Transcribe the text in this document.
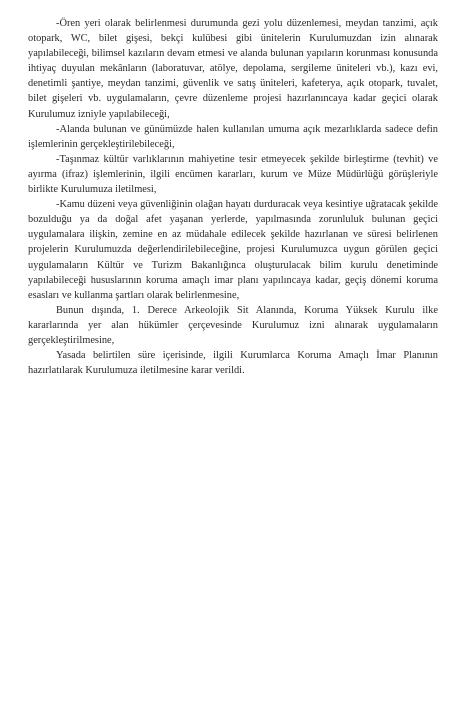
-Ören yeri olarak belirlenmesi durumunda gezi yolu düzenlemesi, meydan tanzimi, açık otopark, WC, bilet gişesi, bekçi kulübesi gibi ünitelerin Kurulumuzdan izin alınarak yapılabileceği, bilimsel kazıların devam etmesi ve alanda bulunan yapıların korunması konusunda ihtiyaç duyulan mekânların (laboratuvar, atölye, depolama, sergileme üniteleri vb.), kazı evi, denetimli şantiye, meydan tanzimi, güvenlik ve satış üniteleri, kafeterya, açık otopark, tuvalet, bilet gişeleri vb. uygulamaların, çevre düzenleme projesi hazırlanıncaya kadar geçici olarak Kurulumuz izniyle yapılabileceği,

-Alanda bulunan ve günümüzde halen kullanılan umuma açık mezarlıklarda sadece defin işlemlerinin gerçekleştirilebileceği,

-Taşınmaz kültür varlıklarının mahiyetine tesir etmeyecek şekilde birleştirme (tevhit) ve ayırma (ifraz) işlemlerinin, ilgili encümen kararları, kurum ve Müze Müdürlüğü görüşleriyle birlikte Kurulumuza iletilmesi,

-Kamu düzeni veya güvenliğinin olağan hayatı durduracak veya kesintiye uğratacak şekilde bozulduğu ya da doğal afet yaşanan yerlerde, yapılmasında zorunluluk bulunan geçici uygulamalara ilişkin, zemine en az müdahale edilecek şekilde hazırlanan ve süresi belirlenen projelerin Kurulumuzda değerlendirilebileceğine, projesi Kurulumuzca uygun görülen geçici uygulamaların Kültür ve Turizm Bakanlığınca oluşturulacak bilim kurulu denetiminde yapılabileceği hususlarının koruma amaçlı imar planı yapılıncaya kadar, geçiş dönemi koruma esasları ve kullanma şartları olarak belirlenmesine,

Bunun dışında, 1. Derece Arkeolojik Sit Alanında, Koruma Yüksek Kurulu ilke kararlarında yer alan hükümler çerçevesinde Kurulumuz izni alınarak uygulamaların gerçekleştirilmesine,

Yasada belirtilen süre içerisinde, ilgili Kurumlarca Koruma Amaçlı İmar Planının hazırlatılarak Kurulumuza iletilmesine karar verildi.
